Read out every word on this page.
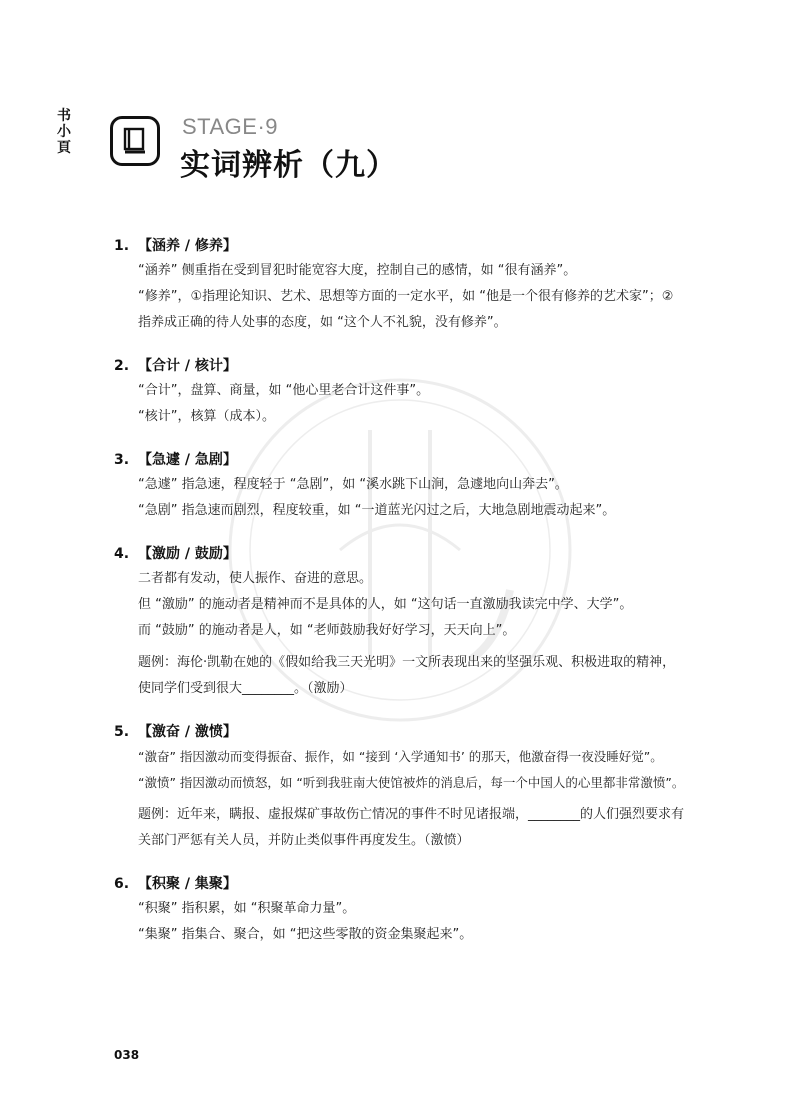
书
小
頁
STAGE·9
实词辨析（九）
1. 【涵养 / 修养】
“涵养” 侧重指在受到冒犯时能宽容大度，控制自己的感情，如 “很有涵养”。
“修养”，①指理论知识、艺术、思想等方面的一定水平，如 “他是一个很有修养的艺术家”；②指养成正确的待人处事的态度，如 “这个人不礼貌，没有修养”。
2. 【合计 / 核计】
“合计”，盘算、商量，如 “他心里老合计这件事”。
“核计”，核算（成本）。
3. 【急遽 / 急剧】
“急遽” 指急速，程度轻于 “急剧”，如 “溪水跳下山涧，急遽地向山奔去”。
“急剧” 指急速而剧烈，程度较重，如 “一道蓝光闪过之后，大地急剧地震动起来”。
4. 【激励 / 鼓励】
二者都有发动，使人振作、奋进的意思。
但 “激励” 的施动者是精神而不是具体的人，如 “这句话一直激励我读完中学、大学”。
而 “鼓励” 的施动者是人，如 “老师鼓励我好好学习，天天向上”。
题例：海伦·凯勒在她的《假如给我三天光明》一文所表现出来的坚强乐观、积极进取的精神，使同学们受到很大________。（激励）
5. 【激奋 / 激愤】
“激奋” 指因激动而变得振奋、振作，如 “接到 ‘入学通知书’ 的那天，他激奋得一夜没睡好觉”。
“激愤” 指因激动而愤怒，如 “听到我驻南大使馆被炸的消息后，每一个中国人的心里都非常激愤”。
题例：近年来，瞒报、虚报煤矿事故伤亡情况的事件不时见诸报端，________的人们强烈要求有关部门严惩有关人员，并防止类似事件再度发生。（激愤）
6. 【积聚 / 集聚】
“积聚” 指积累，如 “积聚革命力量”。
“集聚” 指集合、聚合，如 “把这些零散的资金集聚起来”。
038
